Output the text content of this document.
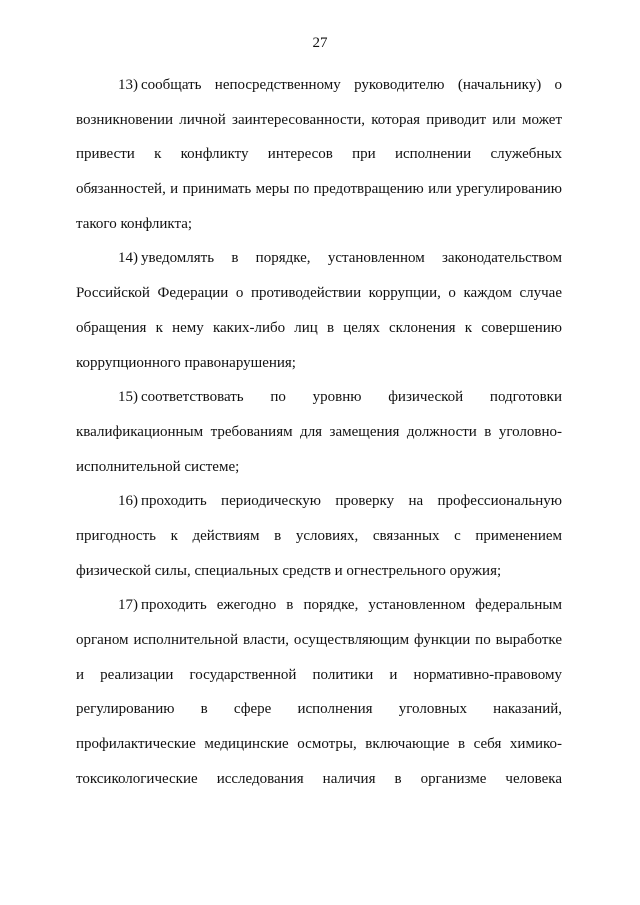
27
13) сообщать непосредственному руководителю (начальнику) о
возникновении личной заинтересованности, которая приводит или может
привести к конфликту интересов при исполнении служебных
обязанностей, и принимать меры по предотвращению или урегулированию
такого конфликта;
14) уведомлять в порядке, установленном законодательством
Российской Федерации о противодействии коррупции, о каждом случае
обращения к нему каких-либо лиц в целях склонения к совершению
коррупционного правонарушения;
15) соответствовать по уровню физической подготовки
квалификационным требованиям для замещения должности в уголовно-
исполнительной системе;
16) проходить периодическую проверку на профессиональную
пригодность к действиям в условиях, связанных с применением
физической силы, специальных средств и огнестрельного оружия;
17) проходить ежегодно в порядке, установленном федеральным
органом исполнительной власти, осуществляющим функции по выработке
и реализации государственной политики и нормативно-правовому
регулированию в сфере исполнения уголовных наказаний,
профилактические медицинские осмотры, включающие в себя химико-
токсикологические исследования наличия в организме человека
